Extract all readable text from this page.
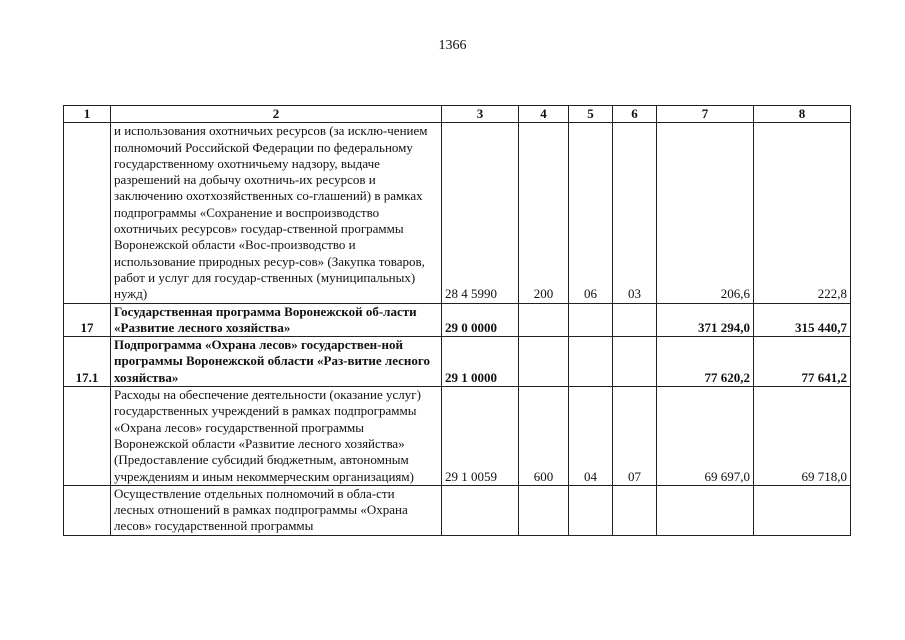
1366
1	2	3	4	5	6	7	8
	и использования охотничьих ресурсов (за исклю-чением полномочий Российской Федерации по федеральному государственному охотничьему надзору, выдаче разрешений на добычу охотничь-их ресурсов и заключению охотхозяйственных со-глашений) в рамках подпрограммы «Сохранение и воспроизводство охотничьих ресурсов» государ-ственной программы Воронежской области «Вос-производство и использование природных ресур-сов» (Закупка товаров, работ и услуг для государ-ственных (муниципальных) нужд)	28 4 5990	200	06	03	206,6	222,8
17	Государственная программа Воронежской об-ласти «Развитие лесного хозяйства»	29 0 0000				371 294,0	315 440,7
17.1	Подпрограмма «Охрана лесов» государствен-ной программы Воронежской области «Раз-витие лесного хозяйства»	29 1 0000				77 620,2	77 641,2
	Расходы на обеспечение деятельности (оказание услуг) государственных учреждений в рамках подпрограммы «Охрана лесов» государственной программы Воронежской области «Развитие лесного хозяйства» (Предоставление субсидий бюджетным, автономным учреждениям и иным некоммерческим организациям)	29 1 0059	600	04	07	69 697,0	69 718,0
	Осуществление отдельных полномочий в обла-сти лесных отношений в рамках подпрограммы «Охрана лесов» государственной программы						
